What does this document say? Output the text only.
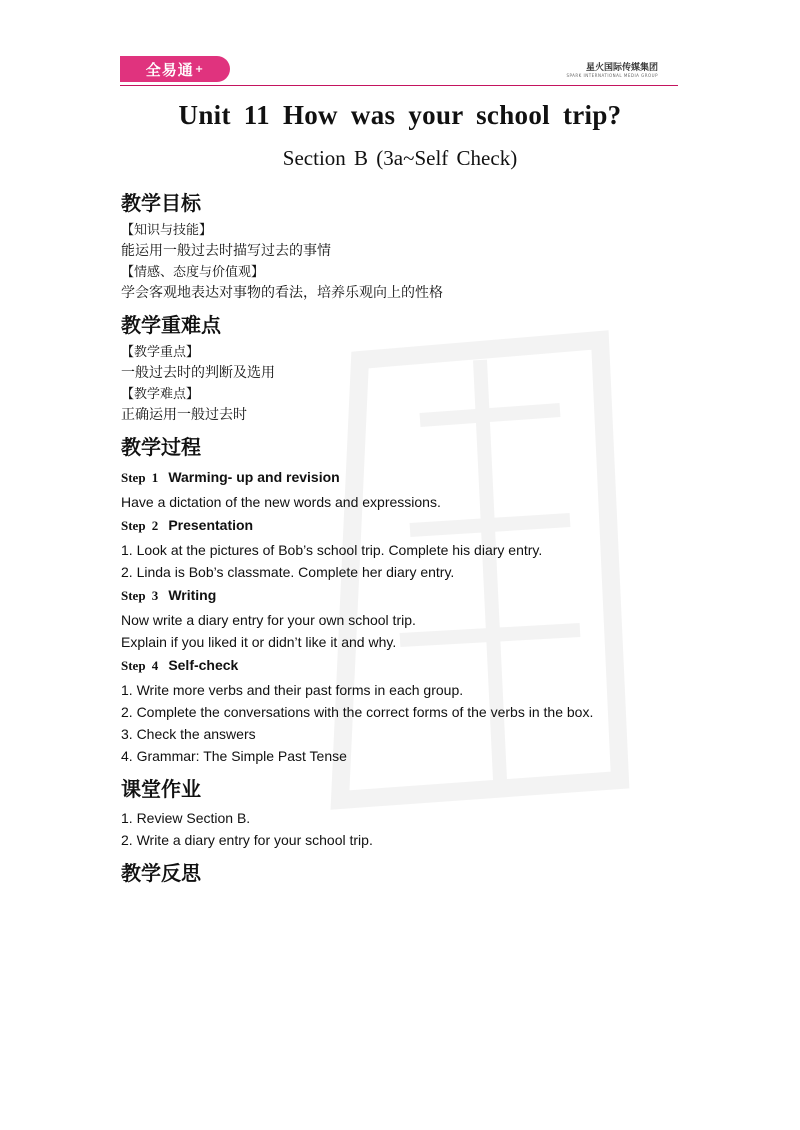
全易通 +	星火国际传媒集团
SPARK INTERNATIONAL MEDIA GROUP
Unit 11 How was your school trip?
Section B (3a~Self Check)
教学目标
【知识与技能】
能运用一般过去时描写过去的事情
【情感、态度与价值观】
学会客观地表达对事物的看法，培养乐观向上的性格
教学重难点
【教学重点】
一般过去时的判断及选用
【教学难点】
正确运用一般过去时
教学过程
Step 1 Warming- up and revision
Have a dictation of the new words and expressions.
Step 2 Presentation
1. Look at the pictures of Bob’s school trip. Complete his diary entry.
2. Linda is Bob’s classmate. Complete her diary entry.
Step 3 Writing
Now write a diary entry for your own school trip.
Explain if you liked it or didn’t like it and why.
Step 4 Self-check
1. Write more verbs and their past forms in each group.
2. Complete the conversations with the correct forms of the verbs in the box.
3. Check the answers
4. Grammar: The Simple Past Tense
课堂作业
1. Review Section B.
2. Write a diary entry for your school trip.
教学反思
